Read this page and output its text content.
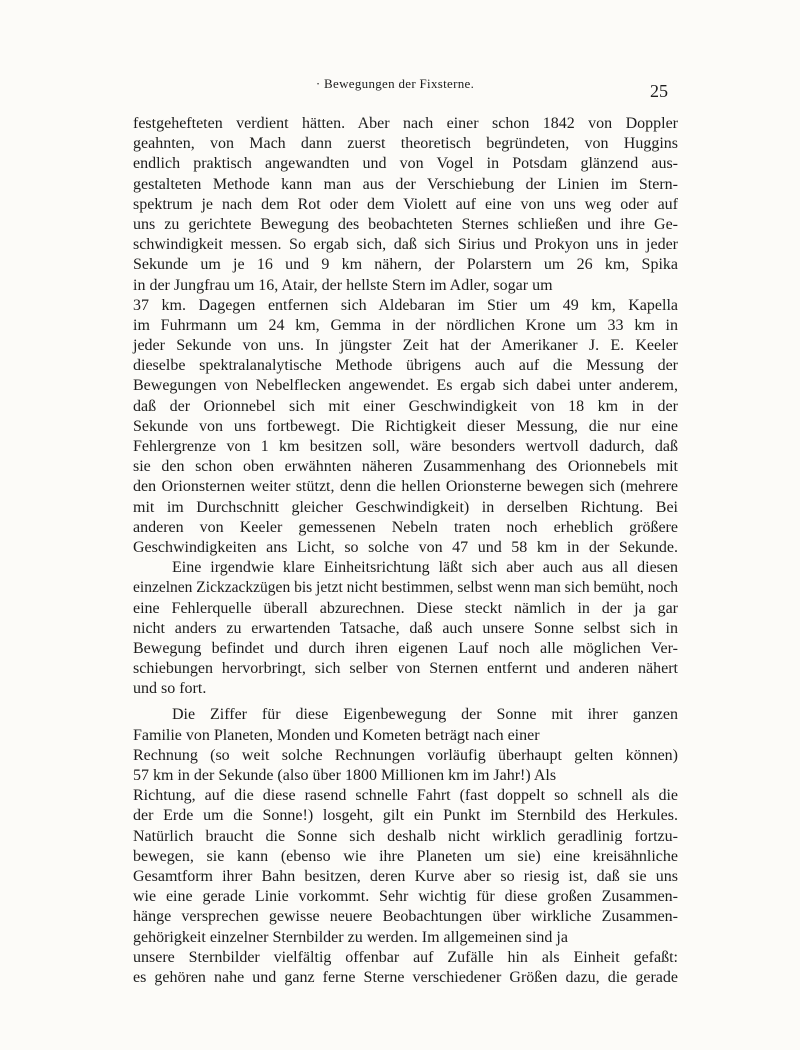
· Bewegungen der Fixsterne.	25
festgehefteten verdient hätten. Aber nach einer schon 1842 von Doppler
geahnten, von Mach dann zuerst theoretisch begründeten, von Huggins
endlich praktisch angewandten und von Vogel in Potsdam glänzend aus-
gestalteten Methode kann man aus der Verschiebung der Linien im Stern-
spektrum je nach dem Rot oder dem Violett auf eine von uns weg oder auf
uns zu gerichtete Bewegung des beobachteten Sternes schließen und ihre Ge-
schwindigkeit messen. So ergab sich, daß sich Sirius und Prokyon uns in jeder
Sekunde um je 16 und 9 km nähern, der Polarstern um 26 km, Spika
in der Jungfrau um 16, Atair, der hellste Stern im Adler, sogar um
37 km. Dagegen entfernen sich Aldebaran im Stier um 49 km, Kapella
im Fuhrmann um 24 km, Gemma in der nördlichen Krone um 33 km in
jeder Sekunde von uns. In jüngster Zeit hat der Amerikaner J. E. Keeler
dieselbe spektralanalytische Methode übrigens auch auf die Messung der
Bewegungen von Nebelflecken angewendet. Es ergab sich dabei unter anderem,
daß der Orionnebel sich mit einer Geschwindigkeit von 18 km in der
Sekunde von uns fortbewegt. Die Richtigkeit dieser Messung, die nur eine
Fehlergrenze von 1 km besitzen soll, wäre besonders wertvoll dadurch, daß
sie den schon oben erwähnten näheren Zusammenhang des Orionnebels mit
den Orionsternen weiter stützt, denn die hellen Orionsterne bewegen sich (mehrere
mit im Durchschnitt gleicher Geschwindigkeit) in derselben Richtung. Bei
anderen von Keeler gemessenen Nebeln traten noch erheblich größere
Geschwindigkeiten ans Licht, so solche von 47 und 58 km in der Sekunde.
Eine irgendwie klare Einheitsrichtung läßt sich aber auch aus all diesen
einzelnen Zickzackzügen bis jetzt nicht bestimmen, selbst wenn man sich bemüht, noch
eine Fehlerquelle überall abzurechnen. Diese steckt nämlich in der ja gar
nicht anders zu erwartenden Tatsache, daß auch unsere Sonne selbst sich in
Bewegung befindet und durch ihren eigenen Lauf noch alle möglichen Ver-
schiebungen hervorbringt, sich selber von Sternen entfernt und anderen nähert
und so fort.
Die Ziffer für diese Eigenbewegung der Sonne mit ihrer ganzen
Familie von Planeten, Monden und Kometen beträgt nach einer
Rechnung (so weit solche Rechnungen vorläufig überhaupt gelten können)
57 km in der Sekunde (also über 1800 Millionen km im Jahr!) Als
Richtung, auf die diese rasend schnelle Fahrt (fast doppelt so schnell als die
der Erde um die Sonne!) losgeht, gilt ein Punkt im Sternbild des Herkules.
Natürlich braucht die Sonne sich deshalb nicht wirklich geradlinig fortzu-
bewegen, sie kann (ebenso wie ihre Planeten um sie) eine kreisähnliche
Gesamtform ihrer Bahn besitzen, deren Kurve aber so riesig ist, daß sie uns
wie eine gerade Linie vorkommt. Sehr wichtig für diese großen Zusammen-
hänge versprechen gewisse neuere Beobachtungen über wirkliche Zusammen-
gehörigkeit einzelner Sternbilder zu werden. Im allgemeinen sind ja
unsere Sternbilder vielfältig offenbar auf Zufälle hin als Einheit gefaßt:
es gehören nahe und ganz ferne Sterne verschiedener Größen dazu, die gerade
